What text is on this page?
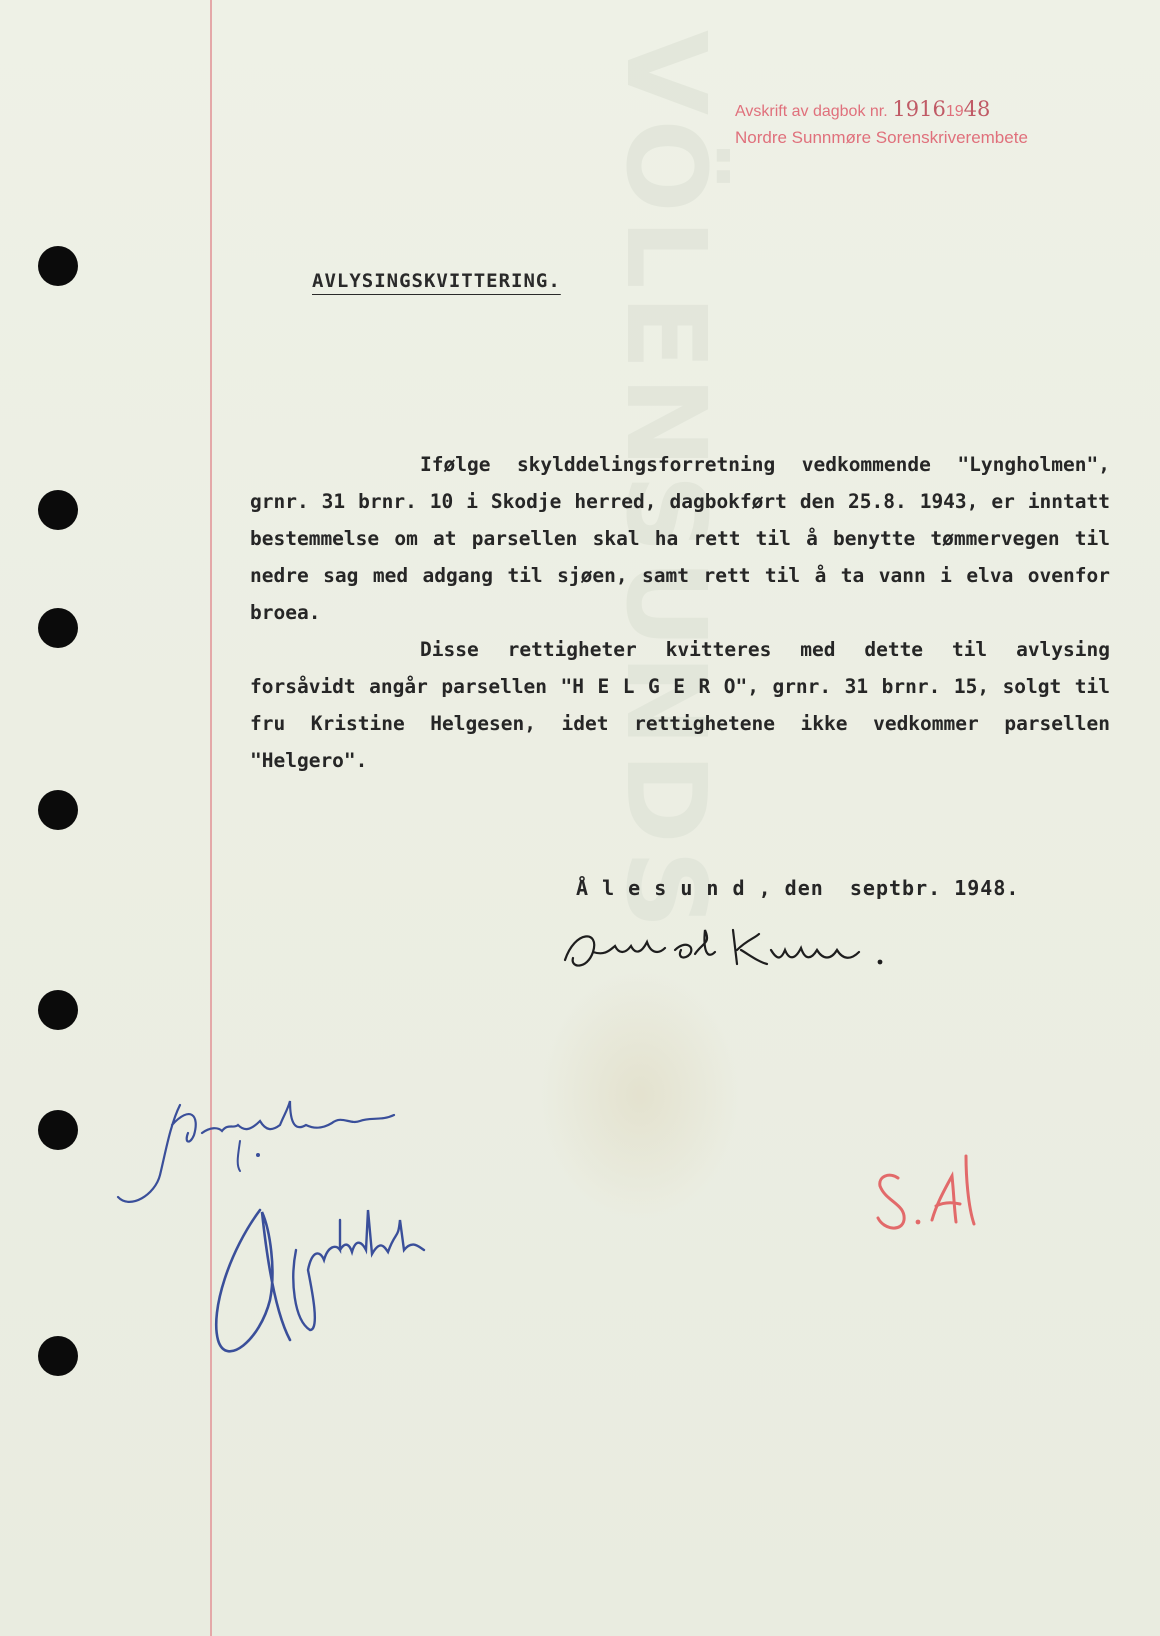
VÖLENSUNDS Avskrift av dagbok nr. 19161948
Nordre Sunnmøre Sorenskriverembete
AVLYSINGSKVITTERING.

Ifølge skylddelingsforretning vedkommende "Lyngholmen", grnr. 31 brnr. 10 i Skodje herred, dagbokført den 25.8. 1943, er inntatt bestemmelse om at parsellen skal ha rett til å benytte tømmervegen til nedre sag med adgang til sjøen, samt rett til å ta vann i elva ovenfor broea.

Disse rettigheter kvitteres med dette til avlysing forsåvidt angår parsellen "H E L G E R O", grnr. 31 brnr. 15, solgt til fru Kristine Helgesen, idet rettighetene ikke vedkommer parsellen "Helgero".

Å l e s u n d , den  septbr. 1948.
